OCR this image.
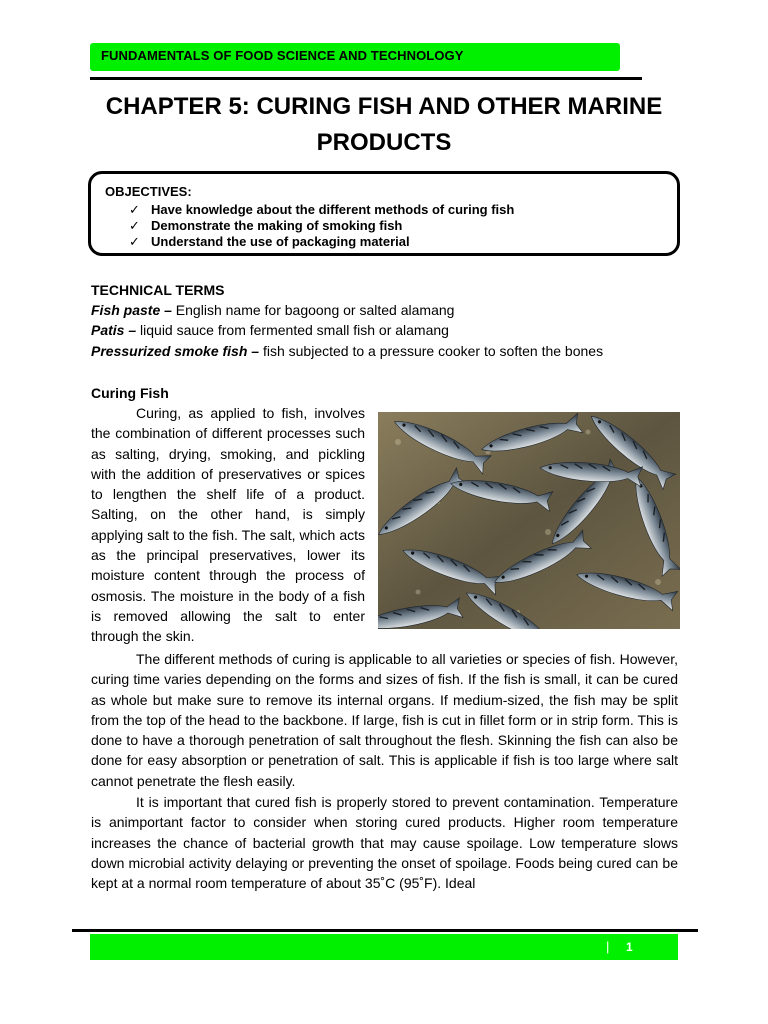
FUNDAMENTALS OF FOOD SCIENCE AND TECHNOLOGY
CHAPTER 5: CURING FISH AND OTHER MARINE
PRODUCTS
OBJECTIVES:
✓ Have knowledge about the different methods of curing fish
✓ Demonstrate the making of smoking fish
✓ Understand the use of packaging material
TECHNICAL TERMS
Fish paste – English name for bagoong or salted alamang
Patis – liquid sauce from fermented small fish or alamang
Pressurized smoke fish – fish subjected to a pressure cooker to soften the bones
Curing Fish

Curing, as applied to fish, involves the combination of different processes such as salting, drying, smoking, and pickling with the addition of preservatives or spices to lengthen the shelf life of a product. Salting, on the other hand, is simply applying salt to the fish. The salt, which acts as the principal preservatives, lower its moisture content through the process of osmosis. The moisture in the body of a fish is removed allowing the salt to enter through the skin.

The different methods of curing is applicable to all varieties or species of fish. However, curing time varies depending on the forms and sizes of fish. If the fish is small, it can be cured as whole but make sure to remove its internal organs. If medium-sized, the fish may be split from the top of the head to the backbone. If large, fish is cut in fillet form or in strip form. This is done to have a thorough penetration of salt throughout the flesh. Skinning the fish can also be done for easy absorption or penetration of salt. This is applicable if fish is too large where salt cannot penetrate the flesh easily.

It is important that cured fish is properly stored to prevent contamination. Temperature is animportant factor to consider when storing cured products. Higher room temperature increases the chance of bacterial growth that may cause spoilage. Low temperature slows down microbial activity delaying or preventing the onset of spoilage. Foods being cured can be kept at a normal room temperature of about 35˚C (95˚F). Ideal

| 1
